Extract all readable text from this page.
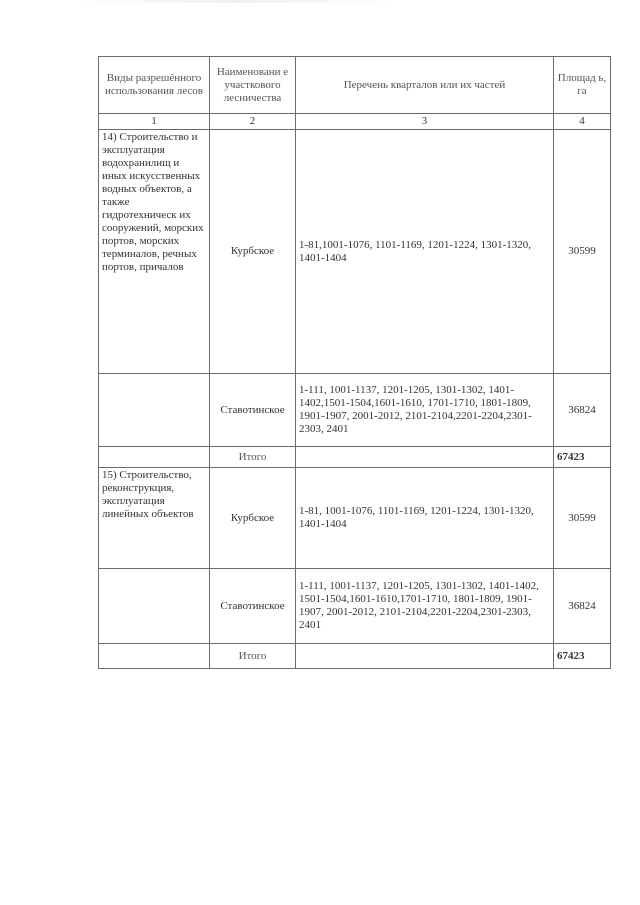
Виды разрешённого использования лесов	Наименовани е участкового лесничества	Перечень кварталов или их частей	Площад ь, га
1	2	3	4
14) Строительство и эксплуатация водохранилищ и иных искусственных водных объектов, а также гидротехническ их сооружений, морских портов, морских терминалов, речных портов, причалов	Курбское	1-81,1001-1076, 1101-1169, 1201-1224, 1301-1320, 1401-1404	30599
	Ставотинское	1-111, 1001-1137, 1201-1205, 1301-1302, 1401-1402,1501-1504,1601-1610, 1701-1710, 1801-1809, 1901-1907, 2001-2012, 2101-2104,2201-2204,2301-2303, 2401	36824
	Итого		67423
15) Строительство, реконструкция, эксплуатация линейных объектов	Курбское	1-81, 1001-1076, 1101-1169, 1201-1224, 1301-1320, 1401-1404	30599
	Ставотинское	1-111, 1001-1137, 1201-1205, 1301-1302, 1401-1402, 1501-1504,1601-1610,1701-1710, 1801-1809, 1901-1907, 2001-2012, 2101-2104,2201-2204,2301-2303, 2401	36824
	Итого		67423
